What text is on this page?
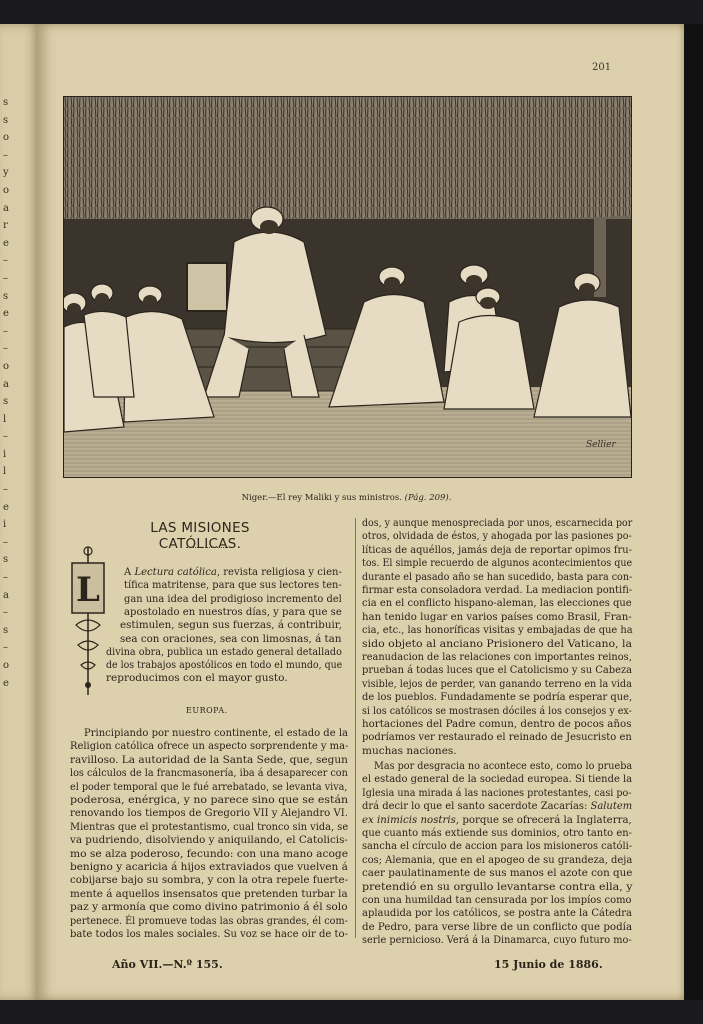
s
s
o
–
y
o
a
r
e
–
–
s
e
–
–
o
a
s
l
–
i
l
–
e
i
–
s
–
a
–
s
–
o
e
201
Sellier
Niger.—El rey Maliki y sus ministros. (Pág. 209).
LAS MISIONES CATÓLICAS.
L A Lectura católica, revista religiosa y cien-
tífica matritense, para que sus lectores ten-
gan una idea del prodigioso incremento del
apostolado en nuestros días, y para que se
estimulen, segun sus fuerzas, á contribuir,
sea con oraciones, sea con limosnas, á tan
divina obra, publica un estado general detallado
de los trabajos apostólicos en todo el mundo, que
reproducimos con el mayor gusto.
EUROPA.
Principiando por nuestro continente, el estado de la
Religion católica ofrece un aspecto sorprendente y ma-
ravilloso. La autoridad de la Santa Sede, que, segun
los cálculos de la francmasonería, iba á desaparecer con
el poder temporal que le fué arrebatado, se levanta viva,
poderosa, enérgica, y no parece sino que se están
renovando los tiempos de Gregorio VII y Alejandro VI.
Mientras que el protestantismo, cual tronco sin vida, se
va pudriendo, disolviendo y aniquilando, el Catolicis-
mo se alza poderoso, fecundo: con una mano acoge
benigno y acaricia á hijos extraviados que vuelven á
cobijarse bajo su sombra, y con la otra repele fuerte-
mente á aquellos insensatos que pretenden turbar la
paz y armonía que como divino patrimonio á él solo
pertenece. Él promueve todas las obras grandes, él com-
bate todos los males sociales. Su voz se hace oir de to-
dos, y aunque menospreciada por unos, escarnecida por
otros, olvidada de éstos, y ahogada por las pasiones po-
líticas de aquéllos, jamás deja de reportar opimos fru-
tos. El simple recuerdo de algunos acontecimientos que
durante el pasado año se han sucedido, basta para con-
firmar esta consoladora verdad. La mediacion pontifi-
cia en el conflicto hispano-aleman, las elecciones que
han tenido lugar en varios países como Brasil, Fran-
cia, etc., las honoríficas visitas y embajadas de que ha
sido objeto al anciano Prisionero del Vaticano, la
reanudacion de las relaciones con importantes reinos,
prueban á todas luces que el Catolicismo y su Cabeza
visible, lejos de perder, van ganando terreno en la vida
de los pueblos. Fundadamente se podría esperar que,
si los católicos se mostrasen dóciles á los consejos y ex-
hortaciones del Padre comun, dentro de pocos años
podríamos ver restaurado el reinado de Jesucristo en
muchas naciones.
Mas por desgracia no acontece esto, como lo prueba
el estado general de la sociedad europea. Si tiende la
Iglesia una mirada á las naciones protestantes, casi po-
drá decir lo que el santo sacerdote Zacarías: Salutem
ex inimicis nostris, porque se ofrecerá la Inglaterra,
que cuanto más extiende sus dominios, otro tanto en-
sancha el círculo de accion para los misioneros católi-
cos; Alemania, que en el apogeo de su grandeza, deja
caer paulatinamente de sus manos el azote con que
pretendió en su orgullo levantarse contra ella, y
con una humildad tan censurada por los impíos como
aplaudida por los católicos, se postra ante la Cátedra
de Pedro, para verse libre de un conflicto que podía
serle pernicioso. Verá á la Dinamarca, cuyo futuro mo-
Año VII.—N.º 155.	15 Junio de 1886.
